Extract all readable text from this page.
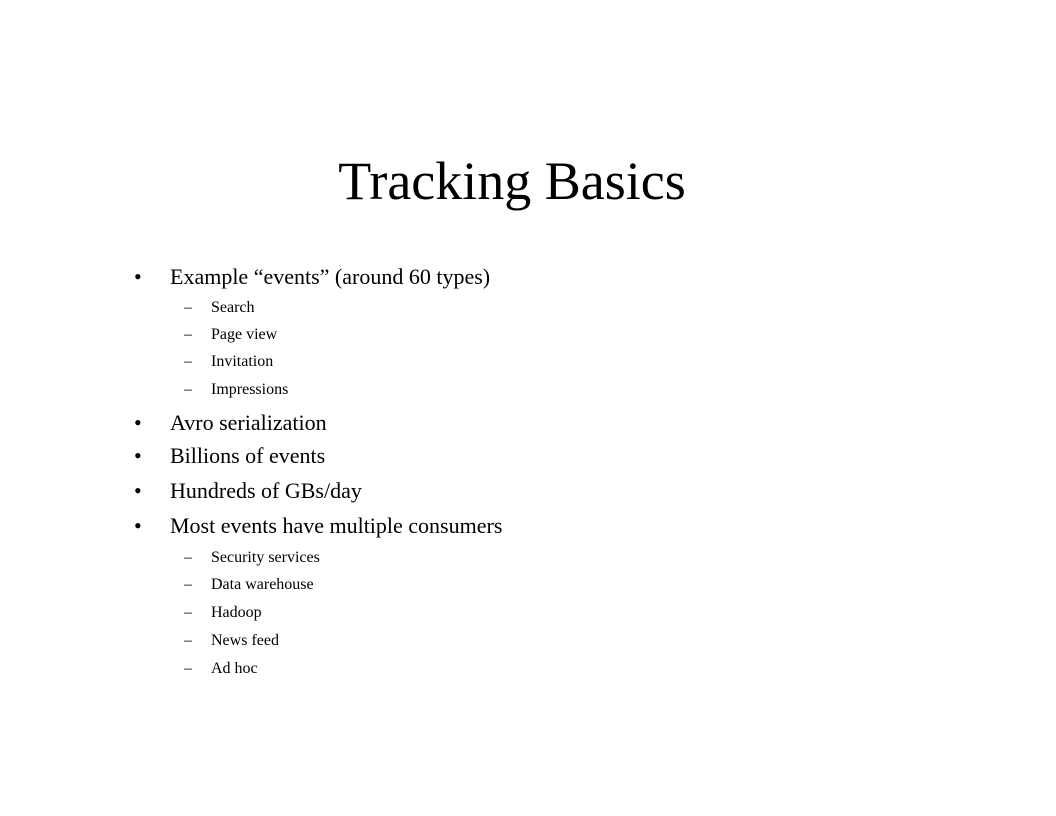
Tracking Basics
• Example “events” (around 60 types)
– Search
– Page view
– Invitation
– Impressions
• Avro serialization
• Billions of events
• Hundreds of GBs/day
• Most events have multiple consumers
– Security services
– Data warehouse
– Hadoop
– News feed
– Ad hoc
